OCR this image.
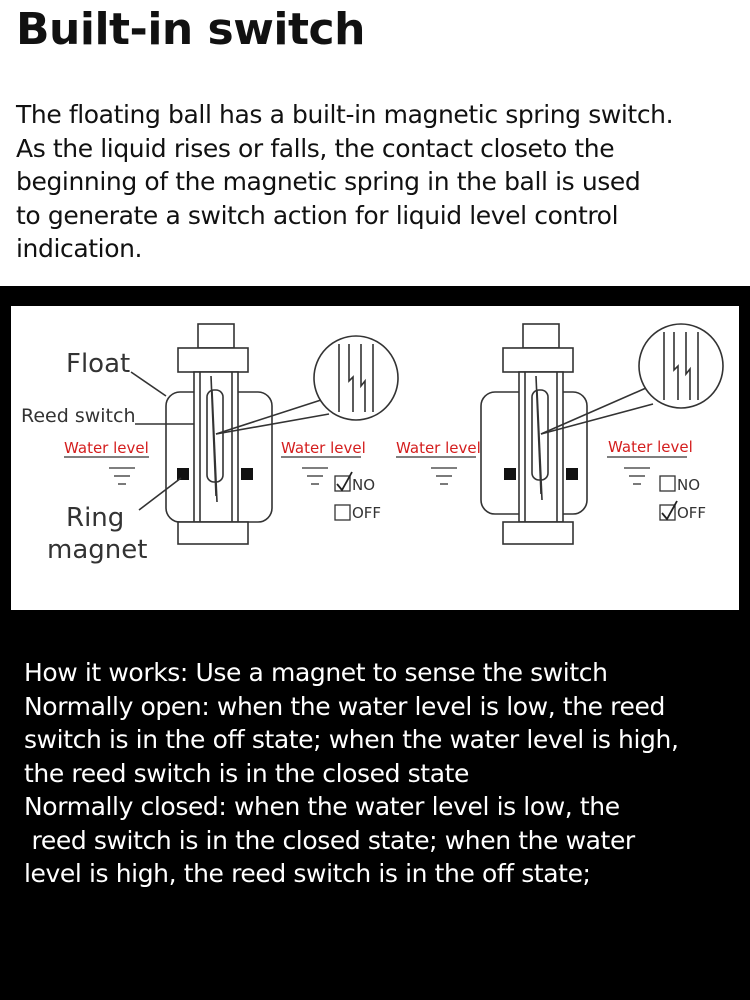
Built-in switch

The floating ball has a built-in magnetic spring switch.
As the liquid rises or falls, the contact closeto the
beginning of the magnetic spring in the ball is used
to generate a switch action for liquid level control
indication.

Float
Reed switch
Ring
magnet
Water level	Water level Water level	Water level
NO
OFF
NO
OFF

How it works: Use a magnet to sense the switch
Normally open: when the water level is low, the reed
switch is in the off state; when the water level is high,
the reed switch is in the closed state
Normally closed: when the water level is low, the
reed switch is in the closed state; when the water
level is high, the reed switch is in the off state;
